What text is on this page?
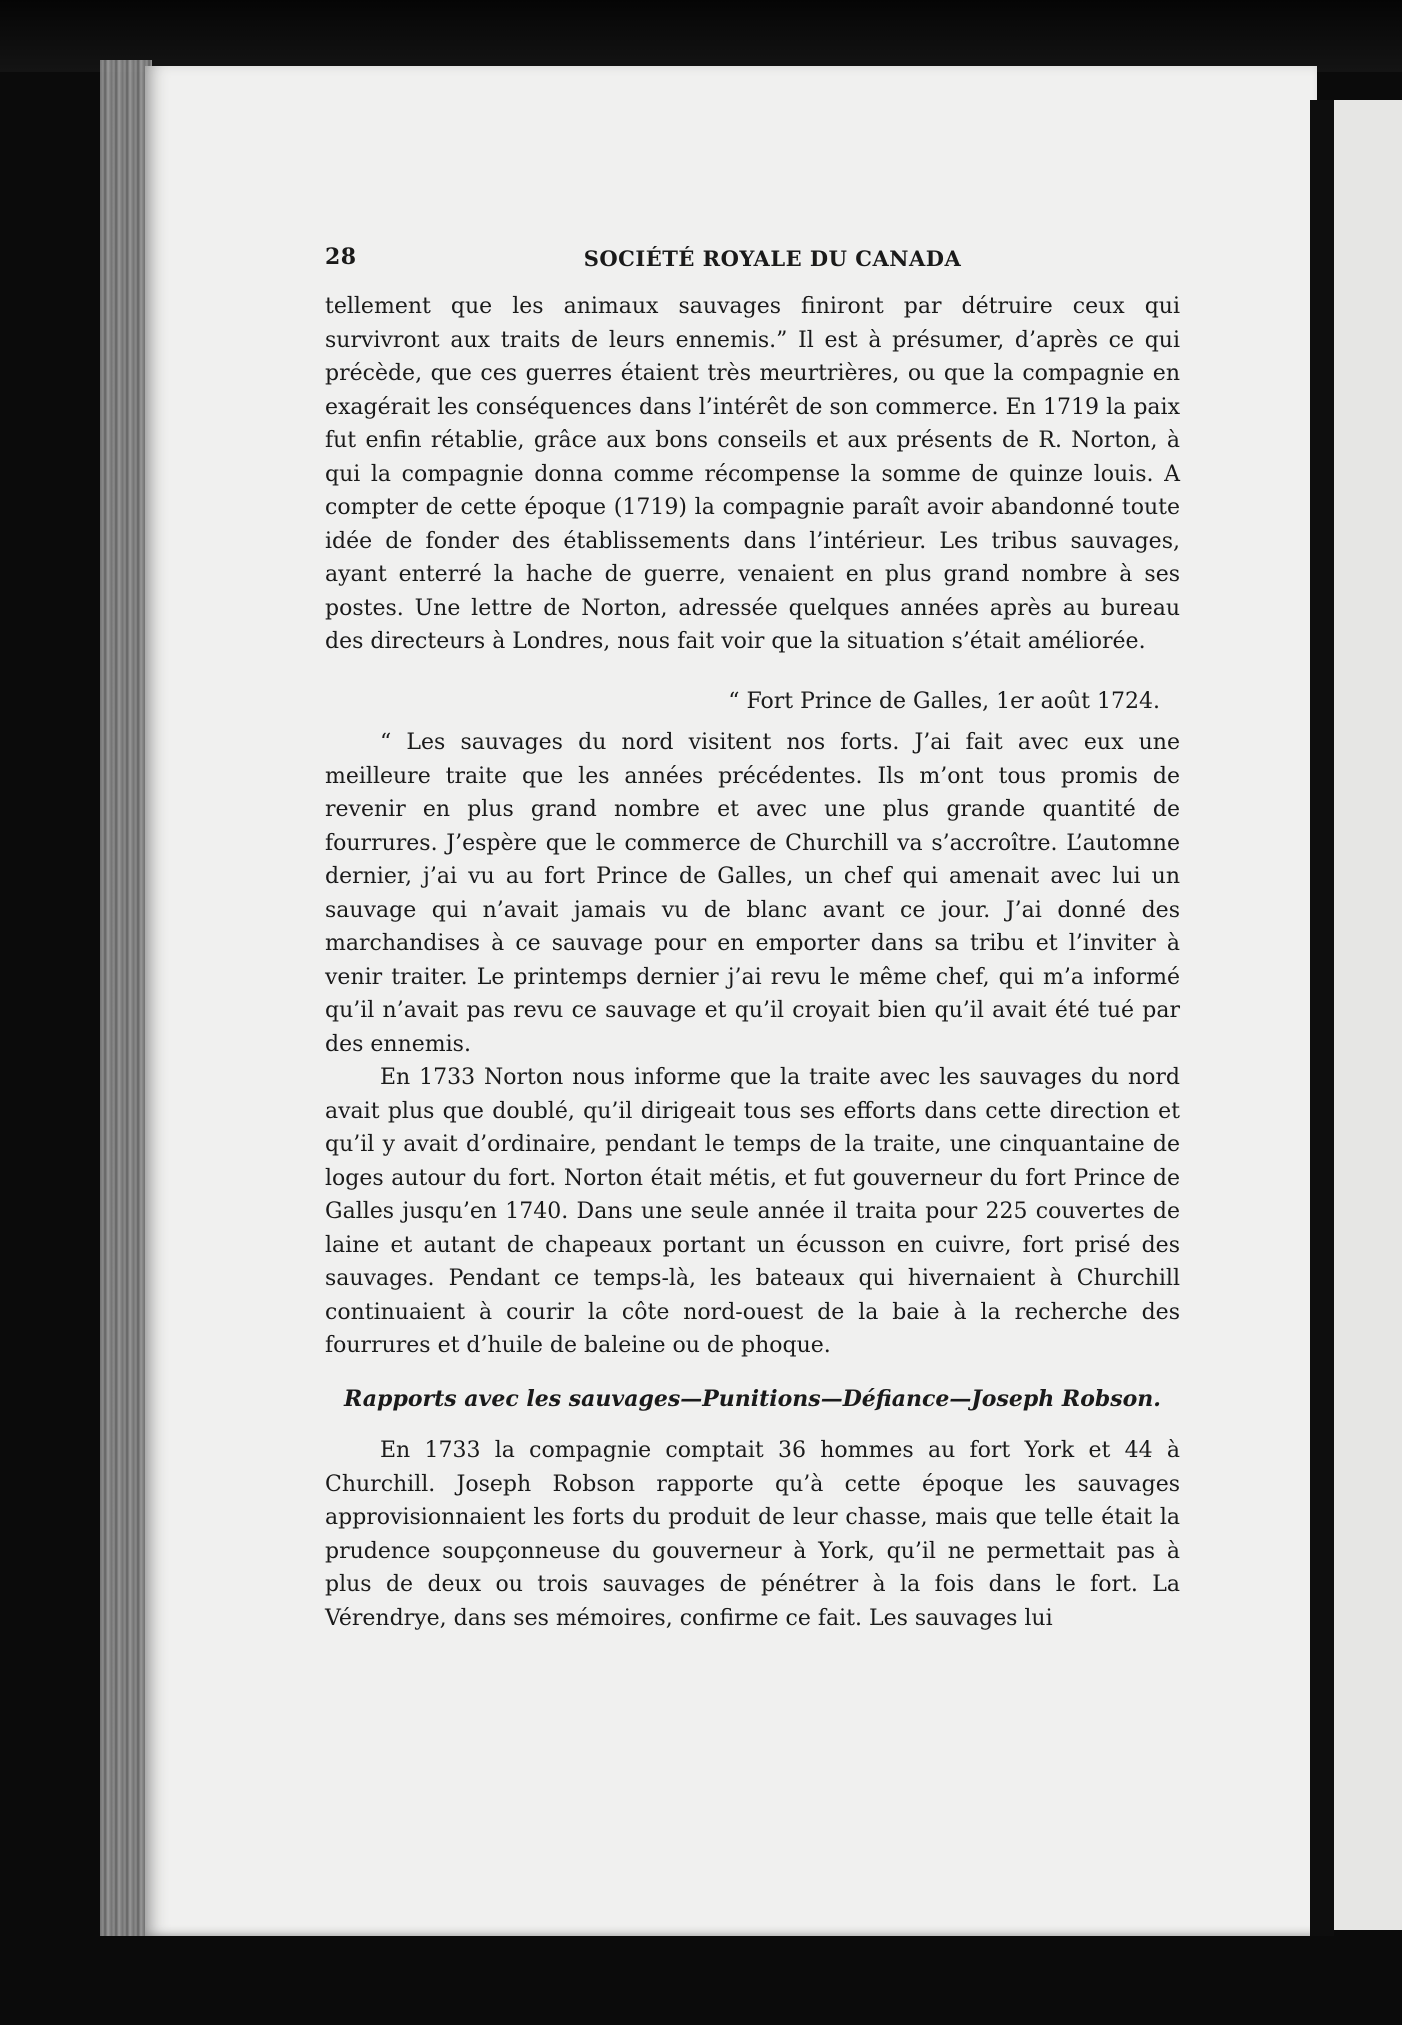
28	SOCIÉTÉ ROYALE DU CANADA

tellement que les animaux sauvages finiront par détruire ceux qui survivront aux traits de leurs ennemis.” Il est à présumer, d’après ce qui précède, que ces guerres étaient très meurtrières, ou que la compagnie en exagérait les conséquences dans l’intérêt de son commerce. En 1719 la paix fut enfin rétablie, grâce aux bons conseils et aux présents de R. Norton, à qui la compagnie donna comme récompense la somme de quinze louis. A compter de cette époque (1719) la compagnie paraît avoir abandonné toute idée de fonder des établissements dans l’intérieur. Les tribus sauvages, ayant enterré la hache de guerre, venaient en plus grand nombre à ses postes. Une lettre de Norton, adressée quelques années après au bureau des directeurs à Londres, nous fait voir que la situation s’était améliorée.

“ Fort Prince de Galles, 1er août 1724.

“ Les sauvages du nord visitent nos forts. J’ai fait avec eux une meilleure traite que les années précédentes. Ils m’ont tous promis de revenir en plus grand nombre et avec une plus grande quantité de fourrures. J’espère que le commerce de Churchill va s’accroître. L’automne dernier, j’ai vu au fort Prince de Galles, un chef qui amenait avec lui un sauvage qui n’avait jamais vu de blanc avant ce jour. J’ai donné des marchandises à ce sauvage pour en emporter dans sa tribu et l’inviter à venir traiter. Le printemps dernier j’ai revu le même chef, qui m’a informé qu’il n’avait pas revu ce sauvage et qu’il croyait bien qu’il avait été tué par des ennemis.

En 1733 Norton nous informe que la traite avec les sauvages du nord avait plus que doublé, qu’il dirigeait tous ses efforts dans cette direction et qu’il y avait d’ordinaire, pendant le temps de la traite, une cinquantaine de loges autour du fort. Norton était métis, et fut gouverneur du fort Prince de Galles jusqu’en 1740. Dans une seule année il traita pour 225 couvertes de laine et autant de chapeaux portant un écusson en cuivre, fort prisé des sauvages. Pendant ce temps-là, les bateaux qui hivernaient à Churchill continuaient à courir la côte nord-ouest de la baie à la recherche des fourrures et d’huile de baleine ou de phoque.

Rapports avec les sauvages—Punitions—Défiance—Joseph Robson.

En 1733 la compagnie comptait 36 hommes au fort York et 44 à Churchill. Joseph Robson rapporte qu’à cette époque les sauvages approvisionnaient les forts du produit de leur chasse, mais que telle était la prudence soupçonneuse du gouverneur à York, qu’il ne permettait pas à plus de deux ou trois sauvages de pénétrer à la fois dans le fort. La Vérendrye, dans ses mémoires, confirme ce fait. Les sauvages lui
